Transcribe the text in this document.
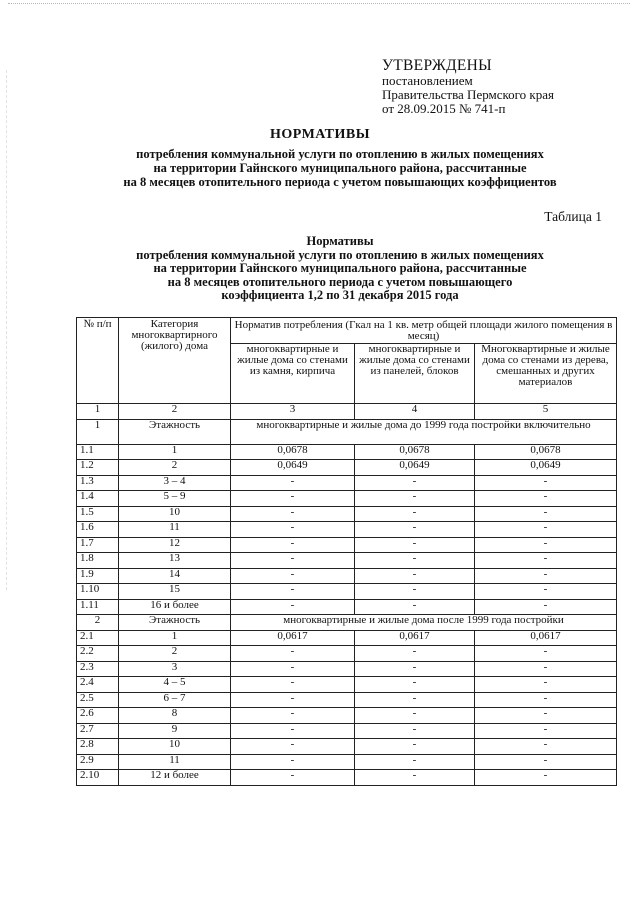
УТВЕРЖДЕНЫ
постановлением
Правительства Пермского края
от 28.09.2015 № 741-п
НОРМАТИВЫ
потребления коммунальной услуги по отоплению в жилых помещениях
на территории Гайнского муниципального района, рассчитанные
на 8 месяцев отопительного периода с учетом повышающих коэффициентов
Таблица 1
Нормативы
потребления коммунальной услуги по отоплению в жилых помещениях
на территории Гайнского муниципального района, рассчитанные
на 8 месяцев отопительного периода с учетом повышающего
коэффициента 1,2 по 31 декабря 2015 года
№ п/п	Категория многоквартирного (жилого) дома	Норматив потребления (Гкал на 1 кв. метр общей площади жилого помещения в месяц)		
		многоквартирные и жилые дома со стенами из камня, кирпича	многоквартирные и жилые дома со стенами из панелей, блоков	Многоквартирные и жилые дома со стенами из дерева, смешанных и других материалов
1	2	3	4	5
1	Этажность	многоквартирные и жилые дома до 1999 года постройки включительно		
1.1	1	0,0678	0,0678	0,0678
1.2	2	0,0649	0,0649	0,0649
1.3	3 – 4	-	-	-
1.4	5 – 9	-	-	-
1.5	10	-	-	-
1.6	11	-	-	-
1.7	12	-	-	-
1.8	13	-	-	-
1.9	14	-	-	-
1.10	15	-	-	-
1.11	16 и более	-	-	-
2	Этажность	многоквартирные и жилые дома после 1999 года постройки		
2.1	1	0,0617	0,0617	0,0617
2.2	2	-	-	-
2.3	3	-	-	-
2.4	4 – 5	-	-	-
2.5	6 – 7	-	-	-
2.6	8	-	-	-
2.7	9	-	-	-
2.8	10	-	-	-
2.9	11	-	-	-
2.10	12 и более	-	-	-
